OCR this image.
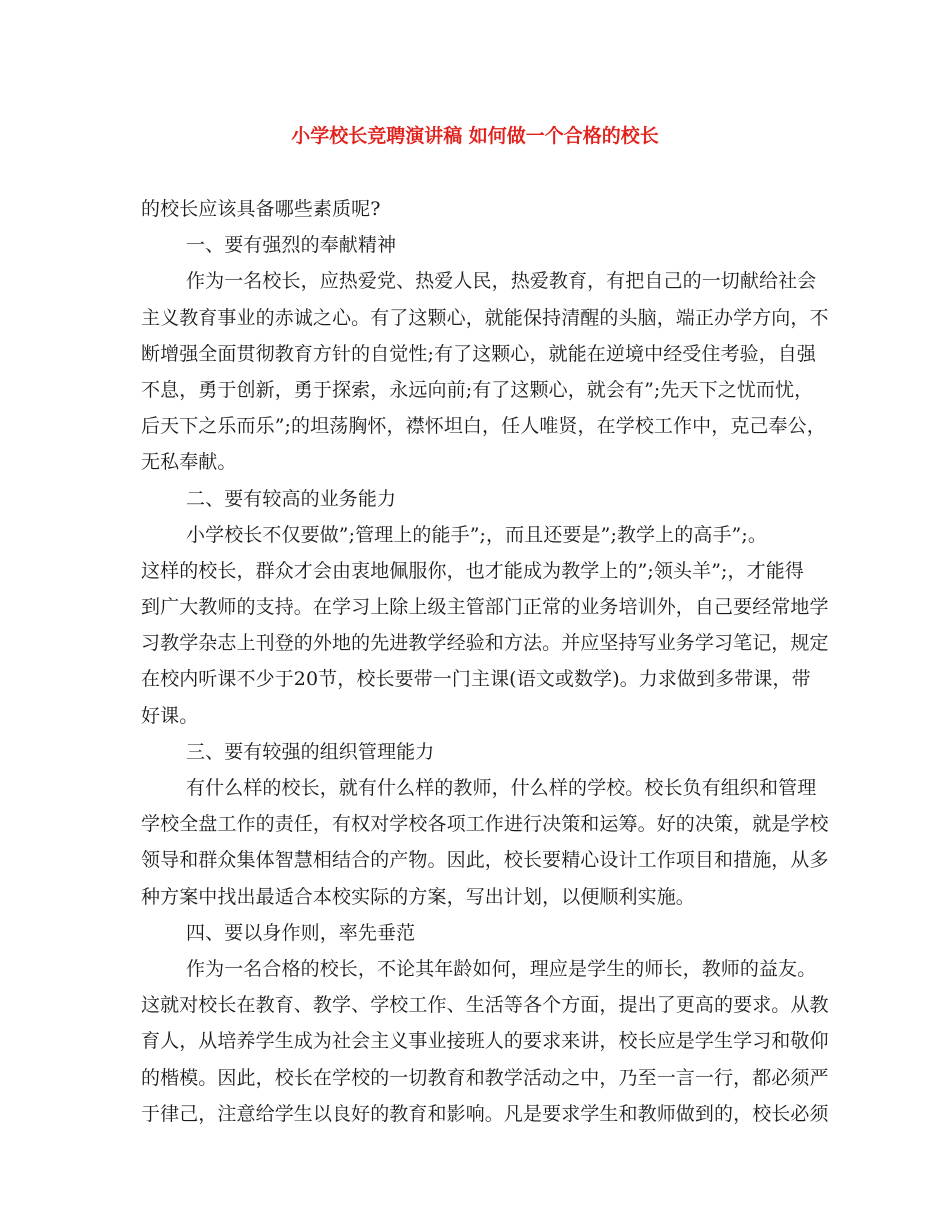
小学校长竞聘演讲稿 如何做一个合格的校长
的校长应该具备哪些素质呢?
一、要有强烈的奉献精神
作为一名校长，应热爱党、热爱人民，热爱教育，有把自己的一切献给社会
主义教育事业的赤诚之心。有了这颗心，就能保持清醒的头脑，端正办学方向，不
断增强全面贯彻教育方针的自觉性;有了这颗心，就能在逆境中经受住考验，自强
不息，勇于创新，勇于探索，永远向前;有了这颗心，就会有”;先天下之忧而忧，
后天下之乐而乐”;的坦荡胸怀，襟怀坦白，任人唯贤，在学校工作中，克己奉公，
无私奉献。
二、要有较高的业务能力
小学校长不仅要做”;管理上的能手”;，而且还要是”;教学上的高手”;。
这样的校长，群众才会由衷地佩服你，也才能成为教学上的”;领头羊”;，才能得
到广大教师的支持。在学习上除上级主管部门正常的业务培训外，自己要经常地学
习教学杂志上刊登的外地的先进教学经验和方法。并应坚持写业务学习笔记，规定
在校内听课不少于20节，校长要带一门主课(语文或数学)。力求做到多带课，带
好课。
三、要有较强的组织管理能力
有什么样的校长，就有什么样的教师，什么样的学校。校长负有组织和管理
学校全盘工作的责任，有权对学校各项工作进行决策和运筹。好的决策，就是学校
领导和群众集体智慧相结合的产物。因此，校长要精心设计工作项目和措施，从多
种方案中找出最适合本校实际的方案，写出计划，以便顺利实施。
四、要以身作则，率先垂范
作为一名合格的校长，不论其年龄如何，理应是学生的师长，教师的益友。
这就对校长在教育、教学、学校工作、生活等各个方面，提出了更高的要求。从教
育人，从培养学生成为社会主义事业接班人的要求来讲，校长应是学生学习和敬仰
的楷模。因此，校长在学校的一切教育和教学活动之中，乃至一言一行，都必须严
于律己，注意给学生以良好的教育和影响。凡是要求学生和教师做到的，校长必须
